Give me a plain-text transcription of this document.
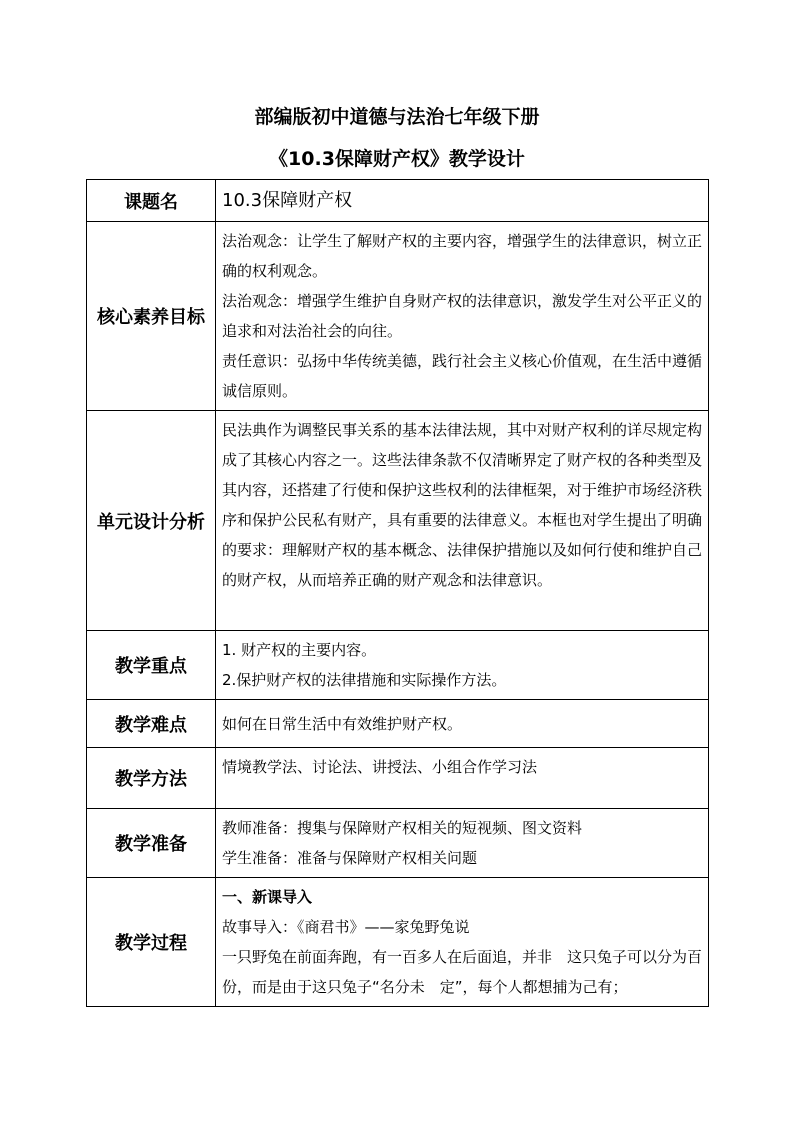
部编版初中道德与法治七年级下册
《10.3保障财产权》教学设计
课题名	10.3保障财产权
核心素养目标	法治观念：让学生了解财产权的主要内容，增强学生的法律意识，树立正确的权利观念。

法治观念：增强学生维护自身财产权的法律意识，激发学生对公平正义的追求和对法治社会的向往。

责任意识：弘扬中华传统美德，践行社会主义核心价值观，在生活中遵循诚信原则。

单元设计分析	民法典作为调整民事关系的基本法律法规，其中对财产权利的详尽规定构成了其核心内容之一。这些法律条款不仅清晰界定了财产权的各种类型及其内容，还搭建了行使和保护这些权利的法律框架，对于维护市场经济秩序和保护公民私有财产，具有重要的法律意义。本框也对学生提出了明确的要求：理解财产权的基本概念、法律保护措施以及如何行使和维护自己的财产权，从而培养正确的财产观念和法律意识。

教学重点	1. 财产权的主要内容。

2.保护财产权的法律措施和实际操作方法。

教学难点	如何在日常生活中有效维护财产权。
教学方法	情境教学法、讨论法、讲授法、小组合作学习法
教学准备	教师准备：搜集与保障财产权相关的短视频、图文资料

学生准备：准备与保障财产权相关问题

教学过程	一、新课导入

故事导入：《商君书》——家兔野兔说

一只野兔在前面奔跑，有一百多人在后面追，并非　这只兔子可以分为百份，而是由于这只兔子“名分未　定”，每个人都想捕为己有；
